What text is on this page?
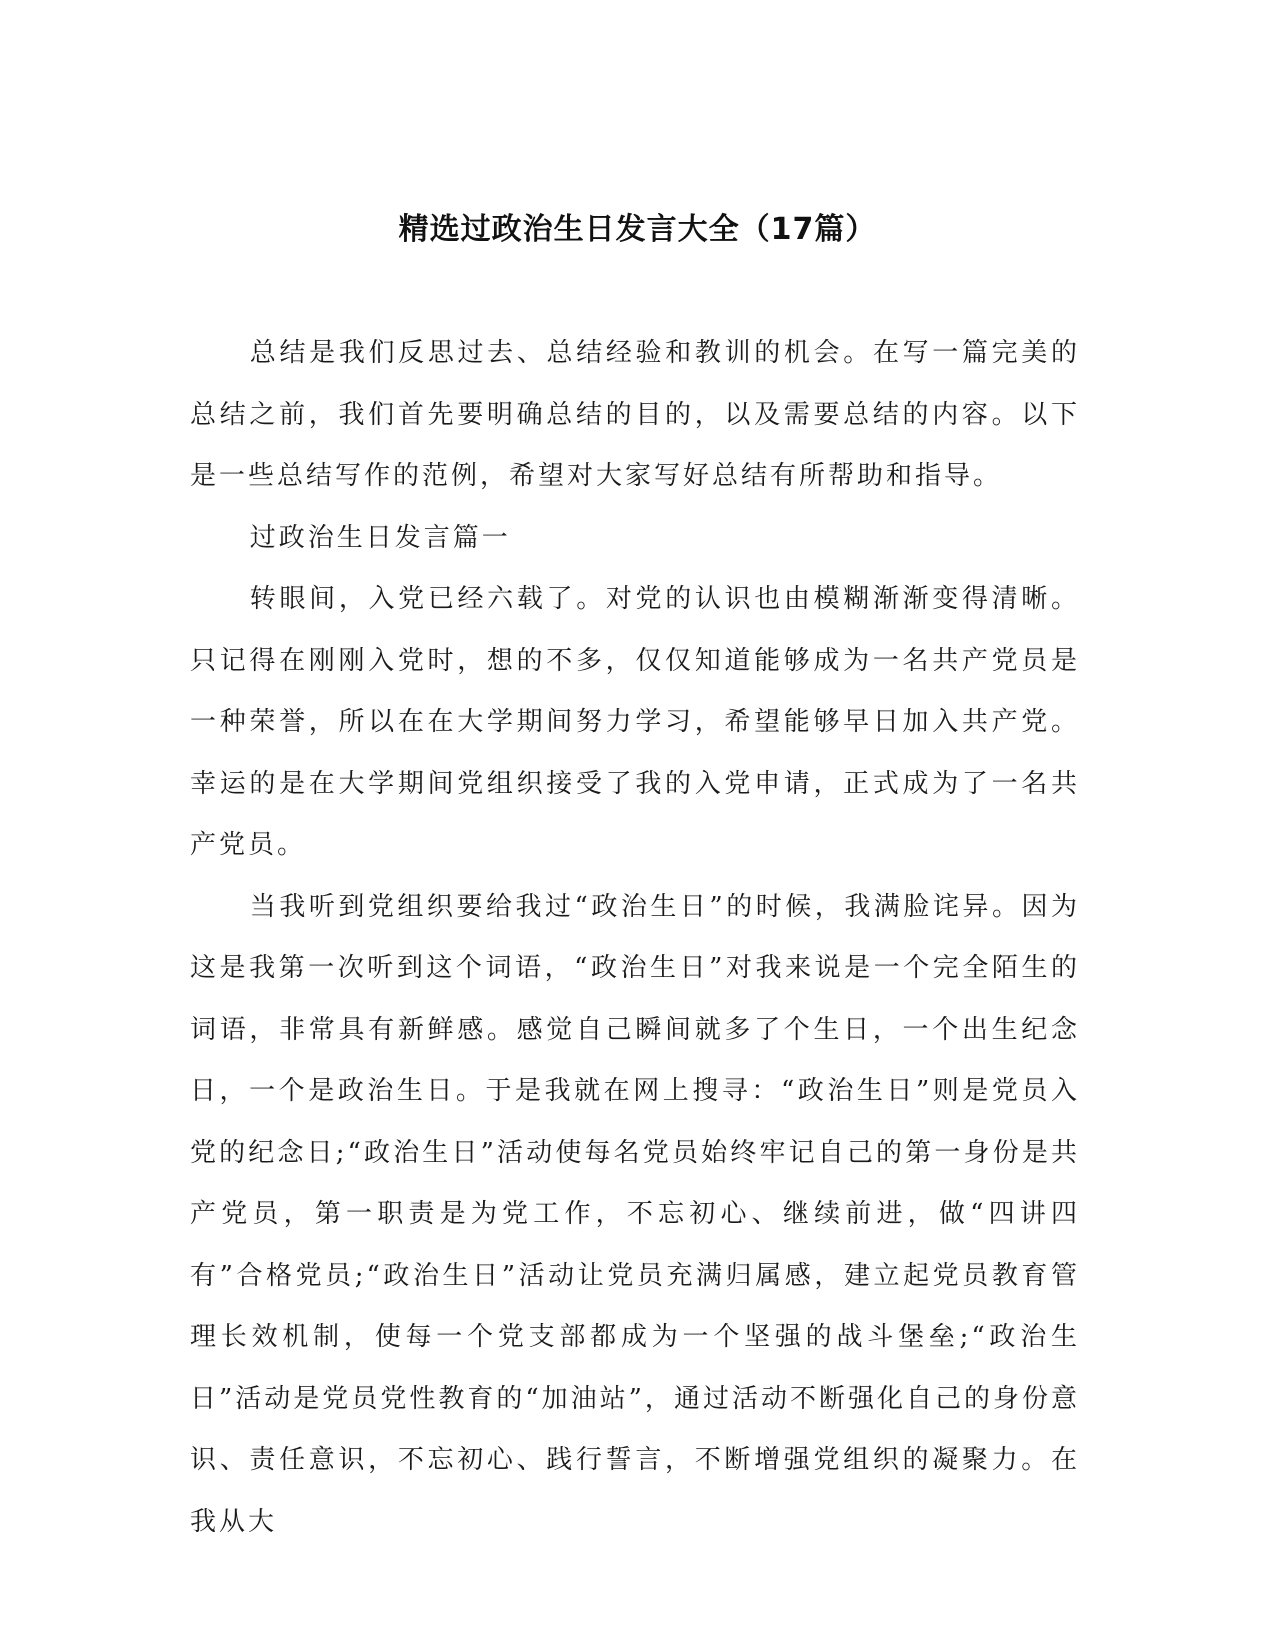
精选过政治生日发言大全（17篇）

总结是我们反思过去、总结经验和教训的机会。在写一篇完美的总结之前，我们首先要明确总结的目的，以及需要总结的内容。以下是一些总结写作的范例，希望对大家写好总结有所帮助和指导。

过政治生日发言篇一

转眼间，入党已经六载了。对党的认识也由模糊渐渐变得清晰。只记得在刚刚入党时，想的不多，仅仅知道能够成为一名共产党员是一种荣誉，所以在在大学期间努力学习，希望能够早日加入共产党。幸运的是在大学期间党组织接受了我的入党申请，正式成为了一名共产党员。

当我听到党组织要给我过“政治生日”的时候，我满脸诧异。因为这是我第一次听到这个词语，“政治生日”对我来说是一个完全陌生的词语，非常具有新鲜感。感觉自己瞬间就多了个生日，一个出生纪念日，一个是政治生日。于是我就在网上搜寻：“政治生日”则是党员入党的纪念日;“政治生日”活动使每名党员始终牢记自己的第一身份是共产党员，第一职责是为党工作，不忘初心、继续前进，做“四讲四有”合格党员;“政治生日”活动让党员充满归属感，建立起党员教育管理长效机制，使每一个党支部都成为一个坚强的战斗堡垒;“政治生日”活动是党员党性教育的“加油站”，通过活动不断强化自己的身份意识、责任意识，不忘初心、践行誓言，不断增强党组织的凝聚力。在我从大
